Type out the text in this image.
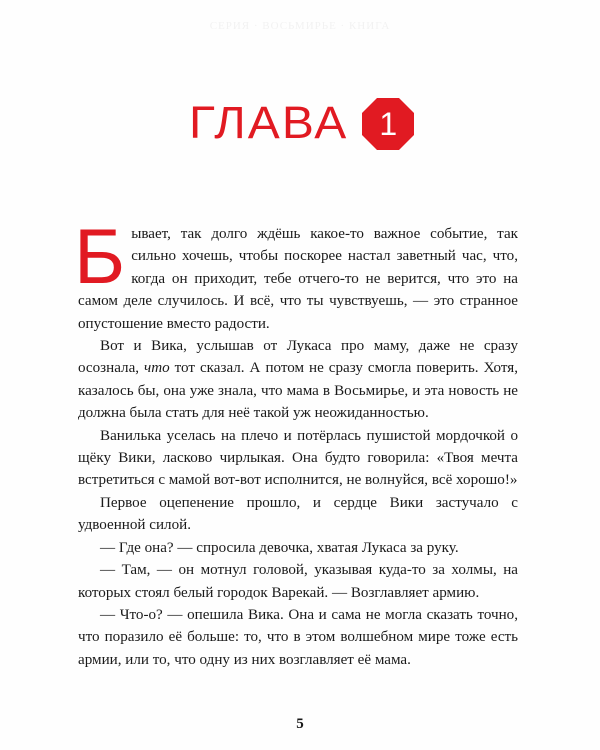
СЕРИЯ · ВОСЬМИРЬЕ · КНИГА
ГЛАВА 1

Бывает, так долго ждёшь какое-то важное событие, так сильно хочешь, чтобы поскорее настал заветный час, что, когда он приходит, тебе отчего-то не верится, что это на самом деле случилось. И всё, что ты чувствуешь, — это странное опустошение вместо радости.

Вот и Вика, услышав от Лукаса про маму, даже не сразу осознала, что тот сказал. А потом не сразу смогла поверить. Хотя, казалось бы, она уже знала, что мама в Восьмирье, и эта новость не должна была стать для неё такой уж неожиданностью.

Ванилька уселась на плечо и потёрлась пушистой мордочкой о щёку Вики, ласково чирлыкая. Она будто говорила: «Твоя мечта встретиться с мамой вот-вот исполнится, не волнуйся, всё хорошо!»

Первое оцепенение прошло, и сердце Вики застучало с удвоенной силой.

— Где она? — спросила девочка, хватая Лукаса за руку.

— Там, — он мотнул головой, указывая куда-то за холмы, на которых стоял белый городок Варекай. — Возглавляет армию.

— Что-о? — опешила Вика. Она и сама не могла сказать точно, что поразило её больше: то, что в этом волшебном мире тоже есть армии, или то, что одну из них возглавляет её мама.

5
